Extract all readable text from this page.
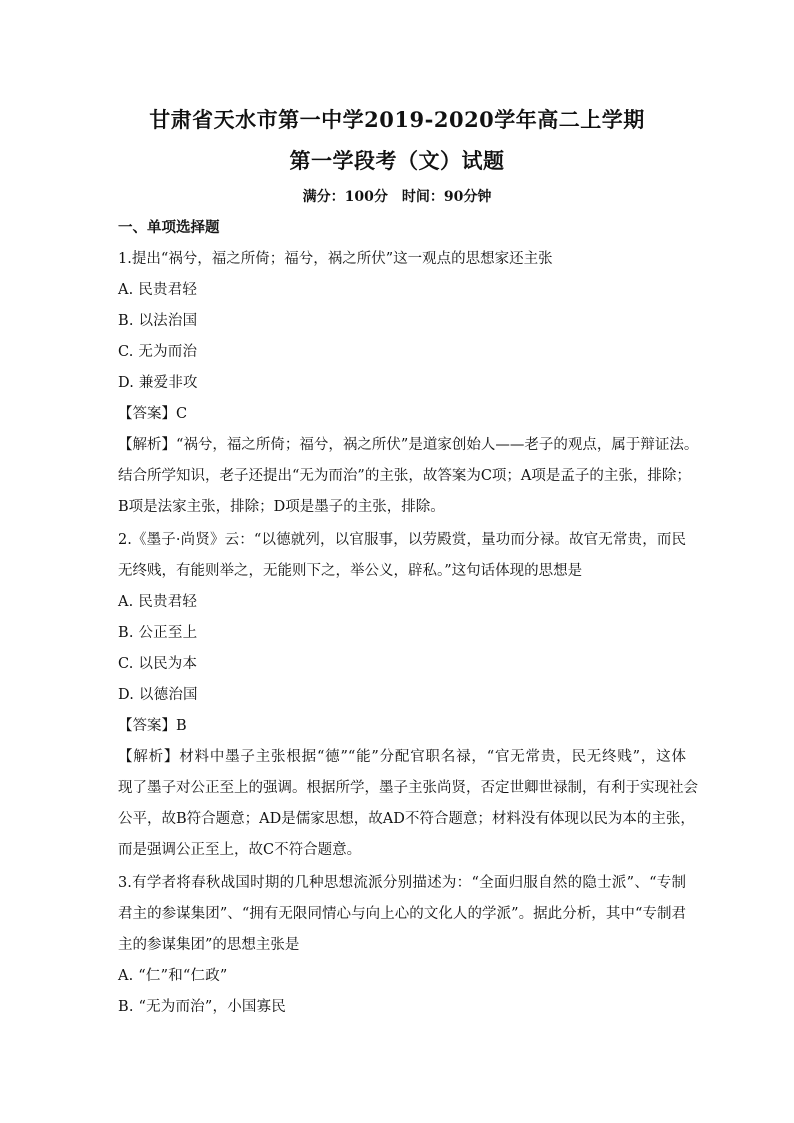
甘肃省天水市第一中学2019-2020学年高二上学期
第一学段考（文）试题
满分：100分 时间：90分钟
一、单项选择题
1.提出“祸兮，福之所倚；福兮，祸之所伏”这一观点的思想家还主张
A. 民贵君轻
B. 以法治国
C. 无为而治
D. 兼爱非攻
【答案】C
【解析】“祸兮，福之所倚；福兮，祸之所伏”是道家创始人——老子的观点，属于辩证法。
结合所学知识，老子还提出“无为而治”的主张，故答案为C项；A项是孟子的主张，排除；
B项是法家主张，排除；D项是墨子的主张，排除。
2.《墨子·尚贤》云：“以德就列，以官服事，以劳殿赏，量功而分禄。故官无常贵，而民
无终贱，有能则举之，无能则下之，举公义，辟私。”这句话体现的思想是
A. 民贵君轻
B. 公正至上
C. 以民为本
D. 以德治国
【答案】B
【解析】材料中墨子主张根据“德”“能”分配官职名禄，“官无常贵，民无终贱”，这体
现了墨子对公正至上的强调。根据所学，墨子主张尚贤，否定世卿世禄制，有利于实现社会
公平，故B符合题意；AD是儒家思想，故AD不符合题意；材料没有体现以民为本的主张，
而是强调公正至上，故C不符合题意。
3.有学者将春秋战国时期的几种思想流派分别描述为：“全面归服自然的隐士派”、“专制
君主的参谋集团”、“拥有无限同情心与向上心的文化人的学派”。据此分析，其中“专制君
主的参谋集团”的思想主张是
A. “仁”和“仁政”
B. “无为而治”，小国寡民
